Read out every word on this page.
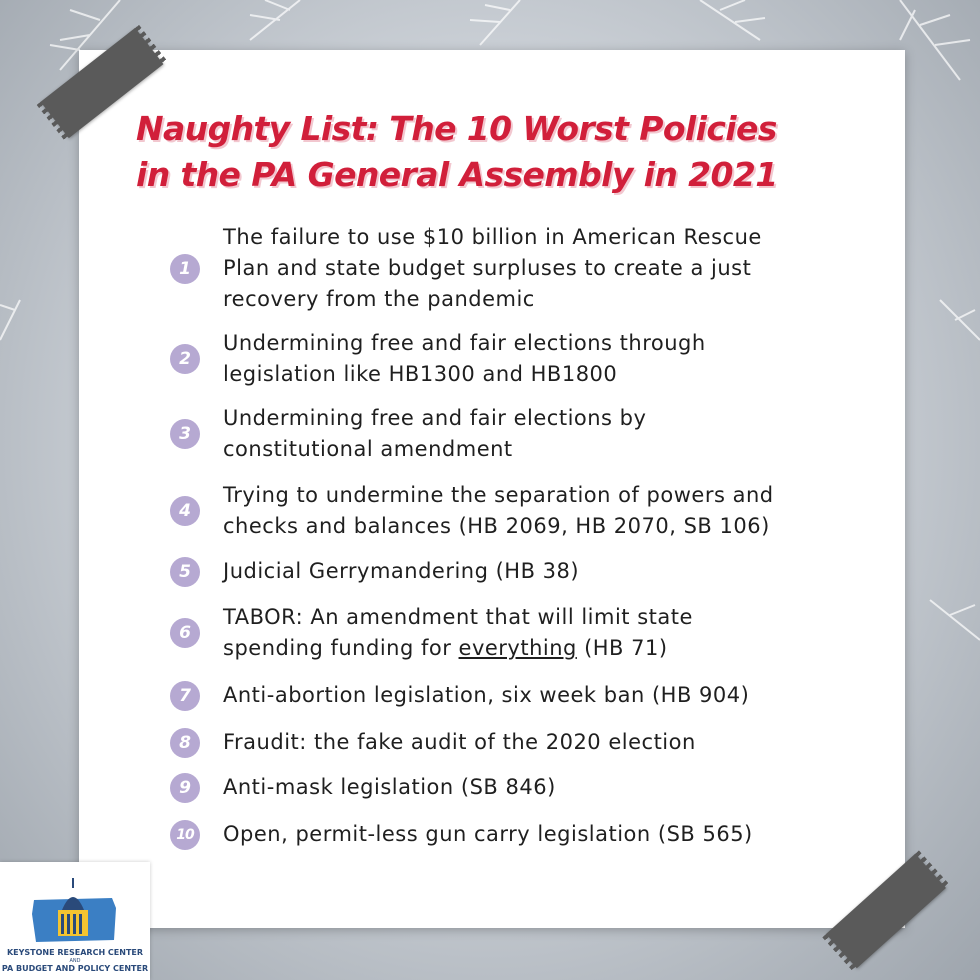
Naughty List: The 10 Worst Policies
in the PA General Assembly in 2021
1
The failure to use $10 billion in American Rescue
Plan and state budget surpluses to create a just
recovery from the pandemic
2
Undermining free and fair elections through
legislation like HB1300 and HB1800
3
Undermining free and fair elections by
constitutional amendment
4
Trying to undermine the separation of powers and
checks and balances (HB 2069, HB 2070, SB 106)
5	Judicial Gerrymandering (HB 38)
6
TABOR: An amendment that will limit state
spending funding for everything (HB 71)
7	Anti-abortion legislation, six week ban (HB 904)
8	Fraudit: the fake audit of the 2020 election
9	Anti-mask legislation (SB 846)
10 Open, permit-less gun carry legislation (SB 565)
KEYSTONE RESEARCH CENTER
AND
PA BUDGET AND POLICY CENTER
